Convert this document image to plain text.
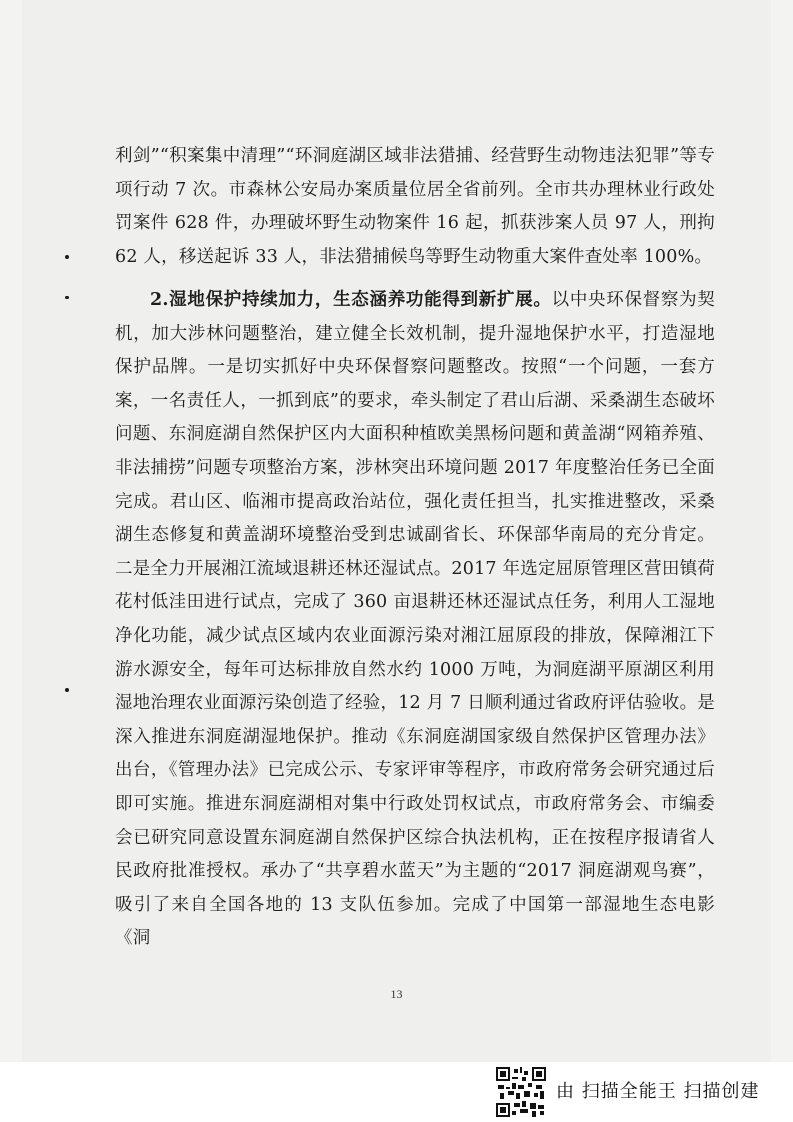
利剑”“积案集中清理”“环洞庭湖区域非法猎捕、经营野生动物违法犯罪”等专项行动 7 次。市森林公安局办案质量位居全省前列。全市共办理林业行政处罚案件 628 件，办理破坏野生动物案件 16 起，抓获涉案人员 97 人，刑拘 62 人，移送起诉 33 人，非法猎捕候鸟等野生动物重大案件查处率 100%。

2.湿地保护持续加力，生态涵养功能得到新扩展。以中央环保督察为契机，加大涉林问题整治，建立健全长效机制，提升湿地保护水平，打造湿地保护品牌。一是切实抓好中央环保督察问题整改。按照“一个问题，一套方案，一名责任人，一抓到底”的要求，牵头制定了君山后湖、采桑湖生态破坏问题、东洞庭湖自然保护区内大面积种植欧美黑杨问题和黄盖湖“网箱养殖、非法捕捞”问题专项整治方案，涉林突出环境问题 2017 年度整治任务已全面完成。君山区、临湘市提高政治站位，强化责任担当，扎实推进整改，采桑湖生态修复和黄盖湖环境整治受到忠诚副省长、环保部华南局的充分肯定。二是全力开展湘江流域退耕还林还湿试点。2017 年选定屈原管理区营田镇荷花村低洼田进行试点，完成了 360 亩退耕还林还湿试点任务，利用人工湿地净化功能，减少试点区域内农业面源污染对湘江屈原段的排放，保障湘江下游水源安全，每年可达标排放自然水约 1000 万吨，为洞庭湖平原湖区利用湿地治理农业面源污染创造了经验，12 月 7 日顺利通过省政府评估验收。是深入推进东洞庭湖湿地保护。推动《东洞庭湖国家级自然保护区管理办法》出台，《管理办法》已完成公示、专家评审等程序，市政府常务会研究通过后即可实施。推进东洞庭湖相对集中行政处罚权试点，市政府常务会、市编委会已研究同意设置东洞庭湖自然保护区综合执法机构，正在按程序报请省人民政府批准授权。承办了“共享碧水蓝天”为主题的“2017 洞庭湖观鸟赛”，吸引了来自全国各地的 13 支队伍参加。完成了中国第一部湿地生态电影《洞

13
由 扫描全能王 扫描创建
